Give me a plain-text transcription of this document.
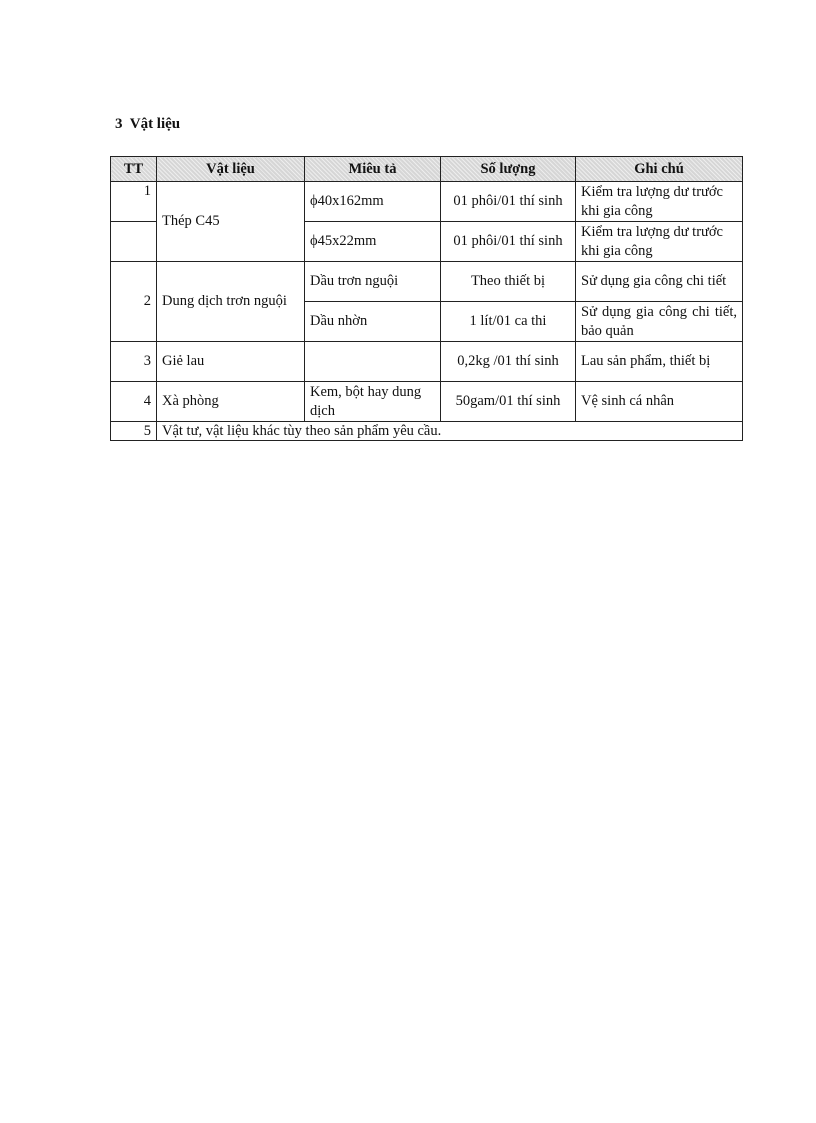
3 Vật liệu
TT	Vật liệu	Miêu tả	Số lượng	Ghi chú
1	Thép C45	ϕ40x162mm	01 phôi/01 thí sinh	Kiểm tra lượng dư trước khi gia công
		ϕ45x22mm	01 phôi/01 thí sinh	Kiểm tra lượng dư trước khi gia công
2	Dung dịch trơn nguội	Dầu trơn nguội	Theo thiết bị	Sử dụng gia công chi tiết
		Dầu nhờn	1 lít/01 ca thi	Sử dụng gia công chi tiết, bảo quản
3	Giẻ lau		0,2kg /01 thí sinh	Lau sản phẩm, thiết bị
4	Xà phòng	Kem, bột hay dung dịch	50gam/01 thí sinh	Vệ sinh cá nhân
5	Vật tư, vật liệu khác tùy theo sản phẩm yêu cầu.			
